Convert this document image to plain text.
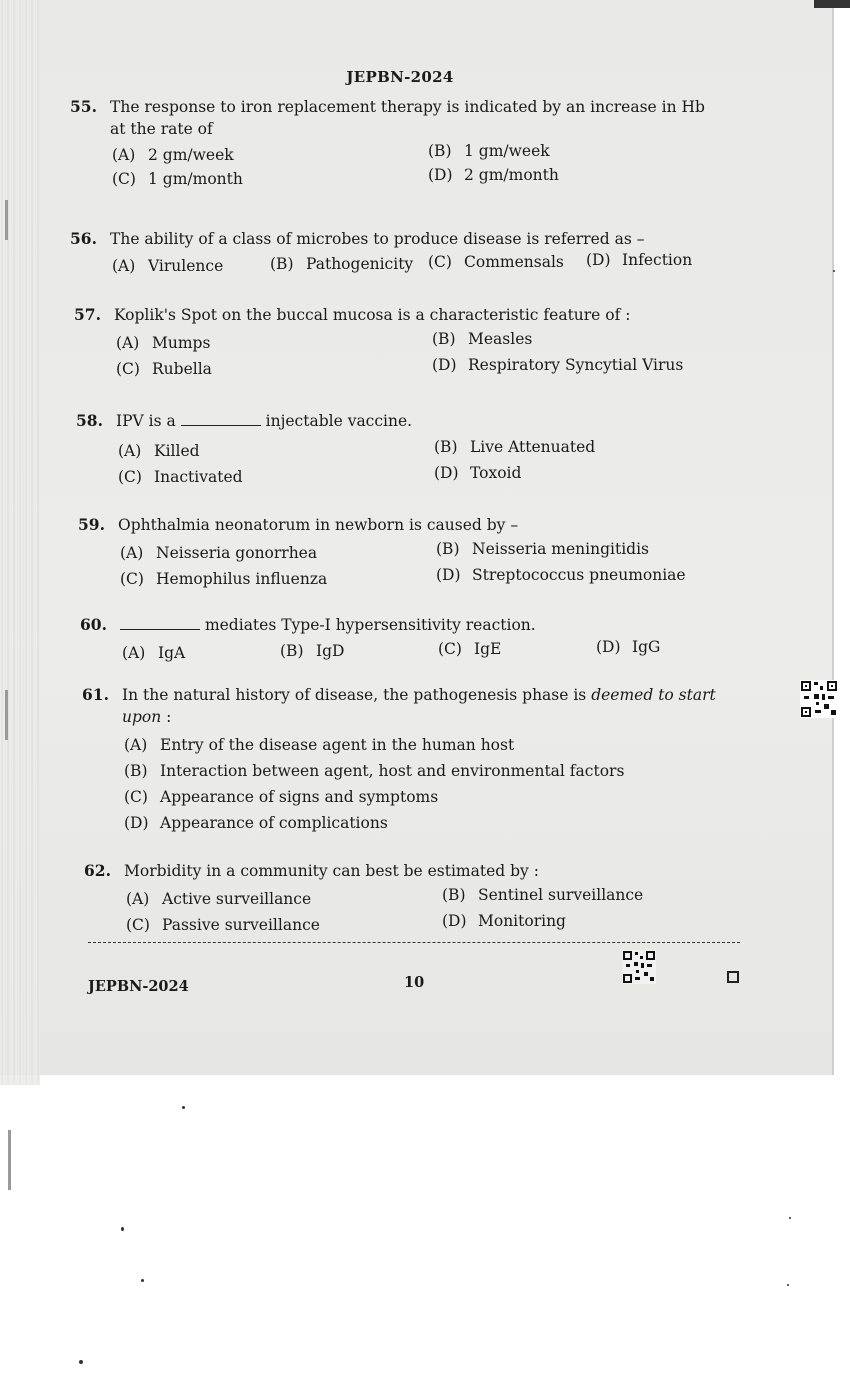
JEPBN-2024
55. The response to iron replacement therapy is indicated by an increase in Hb at the rate of
(A) 2 gm/week	(B) 1 gm/week
(C) 1 gm/month	(D) 2 gm/month
56. The ability of a class of microbes to produce disease is referred as –
(A) Virulence	(B) Pathogenicity (C) Commensals (D) Infection
57. Koplik's Spot on the buccal mucosa is a characteristic feature of :
(A) Mumps	(B) Measles
(C) Rubella	(D) Respiratory Syncytial Virus
58. IPV is a	injectable vaccine.
(A) Killed	(B) Live Attenuated
(C) Inactivated	(D) Toxoid
59. Ophthalmia neonatorum in newborn is caused by –
(A) Neisseria gonorrhea	(B) Neisseria meningitidis
(C) Hemophilus influenza	(D) Streptococcus pneumoniae
60.	mediates Type-I hypersensitivity reaction.
(A) IgA	(B) IgD	(C) IgE	(D) IgG
61. In the natural history of disease, the pathogenesis phase is deemed to start upon :
(A) Entry of the disease agent in the human host
(B) Interaction between agent, host and environmental factors
(C) Appearance of signs and symptoms
(D) Appearance of complications
62. Morbidity in a community can best be estimated by :
(A) Active surveillance	(B) Sentinel surveillance
(C) Passive surveillance	(D) Monitoring
JEPBN-2024	10
